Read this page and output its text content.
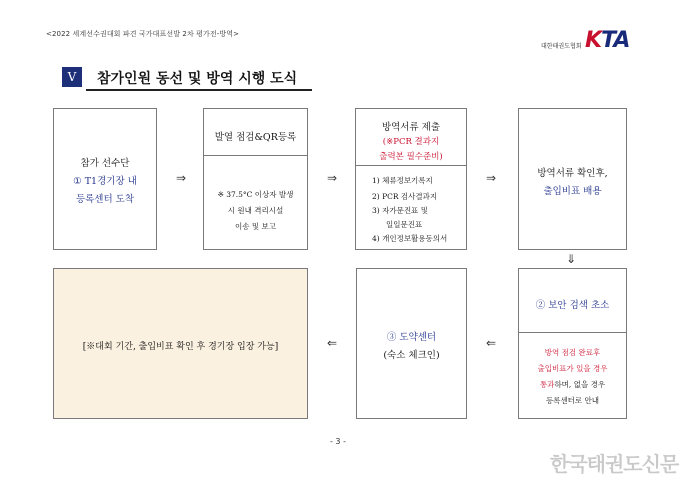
<2022 세계선수권대회 파견 국가대표선발 2차 평가전-방역>
대한태권도협회 KTA
V	참가인원 동선 및 방역 시행 도식
참가 선수단
① T1경기장 내
등록센터 도착
⇒
발열 점검&QR등록
※ 37.5°C 이상자 발생
시 원내 격리시설
이송 및 보고
⇒
방역서류 제출
(※PCR 결과지
출력본 필수준비)
1) 체류정보기록지
2) PCR 검사결과지
3) 자가문진표 및
일일문진표
4) 개인정보활용동의서
⇒	방역서류 확인후,
출입비표 배용
⇓
② 보안 검색 초소
방역 점검 완료후
출입비표가 있을 경우
통과하며, 없을 경우
등록센터로 안내
⇐
③ 도약센터
(숙소 체크인)
⇐
[※대회 기간, 출입비표 확인 후 경기장 입장 가능]
- 3 -
한국태권도신문
